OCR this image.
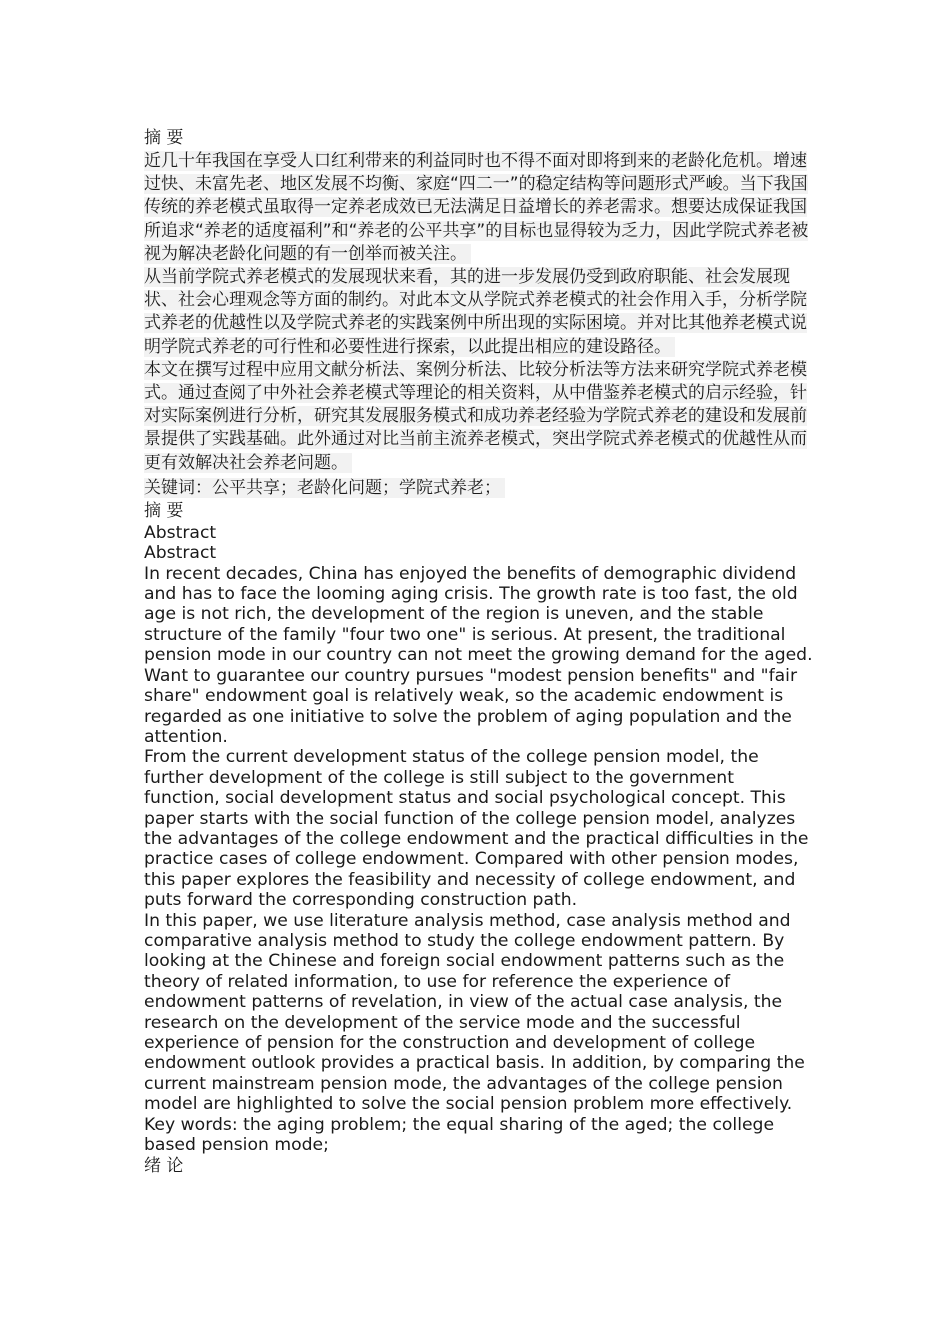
摘 要

近几十年我国在享受人口红利带来的利益同时也不得不面对即将到来的老龄化危机。增速过快、未富先老、地区发展不均衡、家庭“四二一”的稳定结构等问题形式严峻。当下我国传统的养老模式虽取得一定养老成效已无法满足日益增长的养老需求。想要达成保证我国所追求“养老的适度福利”和“养老的公平共享”的目标也显得较为乏力，因此学院式养老被视为解决老龄化问题的有一创举而被关注。

从当前学院式养老模式的发展现状来看，其的进一步发展仍受到政府职能、社会发展现状、社会心理观念等方面的制约。对此本文从学院式养老模式的社会作用入手，分析学院式养老的优越性以及学院式养老的实践案例中所出现的实际困境。并对比其他养老模式说明学院式养老的可行性和必要性进行探索，以此提出相应的建设路径。

本文在撰写过程中应用文献分析法、案例分析法、比较分析法等方法来研究学院式养老模式。通过查阅了中外社会养老模式等理论的相关资料，从中借鉴养老模式的启示经验，针对实际案例进行分析，研究其发展服务模式和成功养老经验为学院式养老的建设和发展前景提供了实践基础。此外通过对比当前主流养老模式，突出学院式养老模式的优越性从而更有效解决社会养老问题。

关键词：公平共享；老龄化问题；学院式养老；

摘 要

Abstract

Abstract

In recent decades, China has enjoyed the benefits of demographic dividend and has to face the looming aging crisis. The growth rate is too fast, the old age is not rich, the development of the region is uneven, and the stable structure of the family "four two one" is serious. At present, the traditional pension mode in our country can not meet the growing demand for the aged. Want to guarantee our country pursues "modest pension benefits" and "fair share" endowment goal is relatively weak, so the academic endowment is regarded as one initiative to solve the problem of aging population and the attention.

From the current development status of the college pension model, the further development of the college is still subject to the government function, social development status and social psychological concept. This paper starts with the social function of the college pension model, analyzes the advantages of the college endowment and the practical difficulties in the practice cases of college endowment. Compared with other pension modes, this paper explores the feasibility and necessity of college endowment, and puts forward the corresponding construction path.

In this paper, we use literature analysis method, case analysis method and comparative analysis method to study the college endowment pattern. By looking at the Chinese and foreign social endowment patterns such as the theory of related information, to use for reference the experience of endowment patterns of revelation, in view of the actual case analysis, the research on the development of the service mode and the successful experience of pension for the construction and development of college endowment outlook provides a practical basis. In addition, by comparing the current mainstream pension mode, the advantages of the college pension model are highlighted to solve the social pension problem more effectively.

Key words: the aging problem; the equal sharing of the aged; the college based pension mode;

绪 论
